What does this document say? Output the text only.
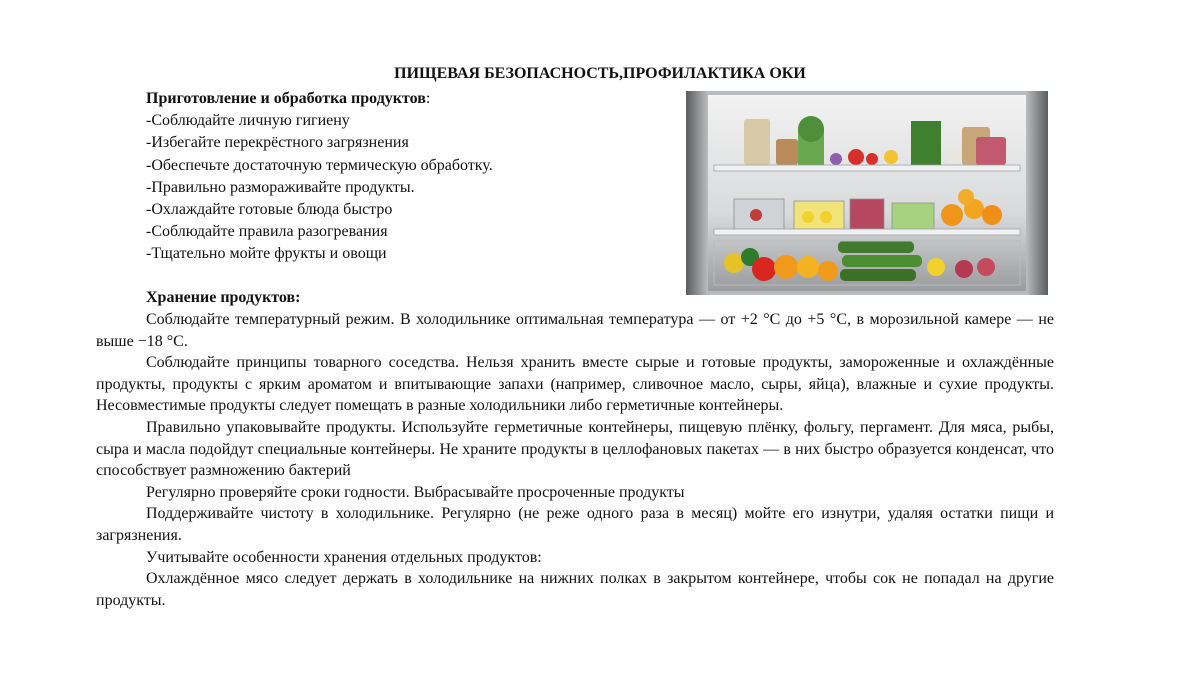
ПИЩЕВАЯ БЕЗОПАСНОСТЬ,ПРОФИЛАКТИКА ОКИ
Приготовление и обработка продуктов:
-Соблюдайте личную гигиену
-Избегайте перекрёстного загрязнения
-Обеспечьте достаточную термическую обработку.
-Правильно размораживайте продукты.
-Охлаждайте готовые блюда быстро
-Соблюдайте правила разогревания
-Тщательно мойте фрукты и овощи
Хранение продуктов:

Соблюдайте температурный режим. В холодильнике оптимальная температура — от +2 °C до +5 °C, в морозильной камере — не выше −18 °C.

Соблюдайте принципы товарного соседства. Нельзя хранить вместе сырые и готовые продукты, замороженные и охлаждённые продукты, продукты с ярким ароматом и впитывающие запахи (например, сливочное масло, сыры, яйца), влажные и сухие продукты. Несовместимые продукты следует помещать в разные холодильники либо герметичные контейнеры.

Правильно упаковывайте продукты. Используйте герметичные контейнеры, пищевую плёнку, фольгу, пергамент. Для мяса, рыбы, сыра и масла подойдут специальные контейнеры. Не храните продукты в целлофановых пакетах — в них быстро образуется конденсат, что способствует размножению бактерий

Регулярно проверяйте сроки годности. Выбрасывайте просроченные продукты

Поддерживайте чистоту в холодильнике. Регулярно (не реже одного раза в месяц) мойте его изнутри, удаляя остатки пищи и загрязнения.

Учитывайте особенности хранения отдельных продуктов:

Охлаждённое мясо следует держать в холодильнике на нижних полках в закрытом контейнере, чтобы сок не попадал на другие продукты.
